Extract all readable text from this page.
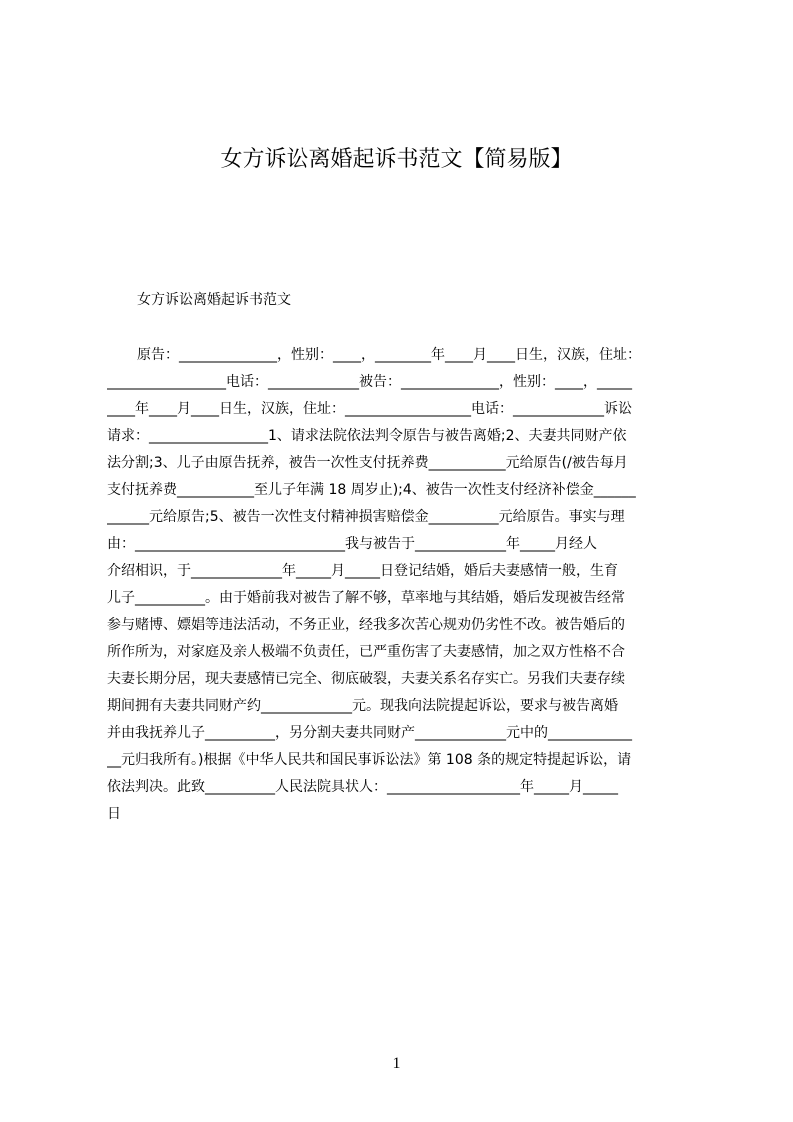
女方诉讼离婚起诉书范文【简易版】
女方诉讼离婚起诉书范文
原告：______________，性别：____，________年____月____日生，汉族，住址：
_________________电话：_____________被告：______________，性别：____，_____
____年____月____日生，汉族，住址：__________________电话：_____________诉讼
请求：_________________1、请求法院依法判令原告与被告离婚;2、夫妻共同财产依
法分割;3、儿子由原告抚养，被告一次性支付抚养费___________元给原告(/被告每月
支付抚养费___________至儿子年满 18 周岁止);4、被告一次性支付经济补偿金______
______元给原告;5、被告一次性支付精神损害赔偿金__________元给原告。事实与理
由：______________________________我与被告于_____________年_____月经人
介绍相识，于_____________年_____月_____日登记结婚，婚后夫妻感情一般，生育
儿子__________。由于婚前我对被告了解不够，草率地与其结婚，婚后发现被告经常
参与赌博、嫖娼等违法活动，不务正业，经我多次苦心规劝仍劣性不改。被告婚后的
所作所为，对家庭及亲人极端不负责任，已严重伤害了夫妻感情，加之双方性格不合
夫妻长期分居，现夫妻感情已完全、彻底破裂，夫妻关系名存实亡。另我们夫妻存续
期间拥有夫妻共同财产约_____________元。现我向法院提起诉讼，要求与被告离婚
并由我抚养儿子__________，另分割夫妻共同财产_____________元中的____________
__元归我所有。)根据《中华人民共和国民事诉讼法》第 108 条的规定特提起诉讼，请
依法判决。此致__________人民法院具状人：___________________年_____月_____
日
1
